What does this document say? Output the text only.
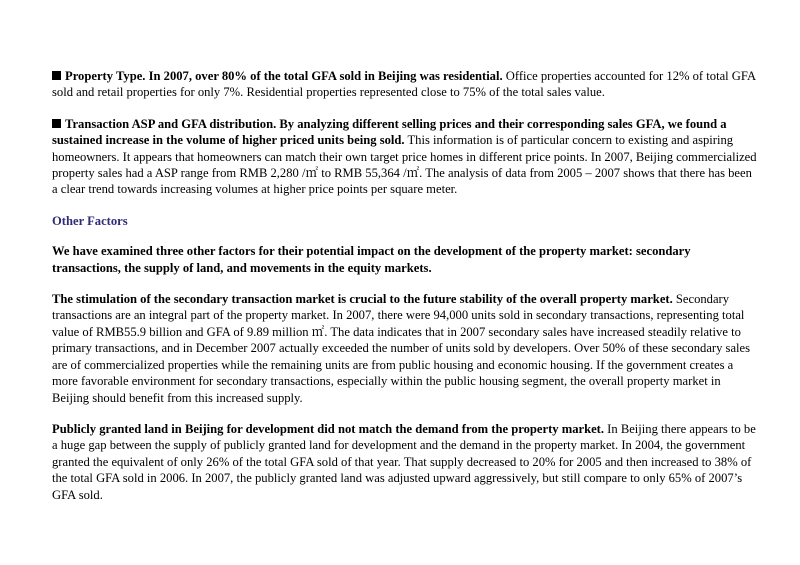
Property Type. In 2007, over 80% of the total GFA sold in Beijing was residential. Office properties accounted for 12% of total GFA sold and retail properties for only 7%. Residential properties represented close to 75% of the total sales value.

Transaction ASP and GFA distribution. By analyzing different selling prices and their corresponding sales GFA, we found a sustained increase in the volume of higher priced units being sold. This information is of particular concern to existing and aspiring homeowners. It appears that homeowners can match their own target price homes in different price points. In 2007, Beijing commercialized property sales had a ASP range from RMB 2,280 /㎡ to RMB 55,364 /㎡. The analysis of data from 2005 – 2007 shows that there has been a clear trend towards increasing volumes at higher price points per square meter.

Other Factors

We have examined three other factors for their potential impact on the development of the property market: secondary transactions, the supply of land, and movements in the equity markets.

The stimulation of the secondary transaction market is crucial to the future stability of the overall property market. Secondary transactions are an integral part of the property market. In 2007, there were 94,000 units sold in secondary transactions, representing total value of RMB55.9 billion and GFA of 9.89 million ㎡. The data indicates that in 2007 secondary sales have increased steadily relative to primary transactions, and in December 2007 actually exceeded the number of units sold by developers. Over 50% of these secondary sales are of commercialized properties while the remaining units are from public housing and economic housing. If the government creates a more favorable environment for secondary transactions, especially within the public housing segment, the overall property market in Beijing should benefit from this increased supply.

Publicly granted land in Beijing for development did not match the demand from the property market. In Beijing there appears to be a huge gap between the supply of publicly granted land for development and the demand in the property market. In 2004, the government granted the equivalent of only 26% of the total GFA sold of that year. That supply decreased to 20% for 2005 and then increased to 38% of the total GFA sold in 2006. In 2007, the publicly granted land was adjusted upward aggressively, but still compare to only 65% of 2007’s GFA sold.
